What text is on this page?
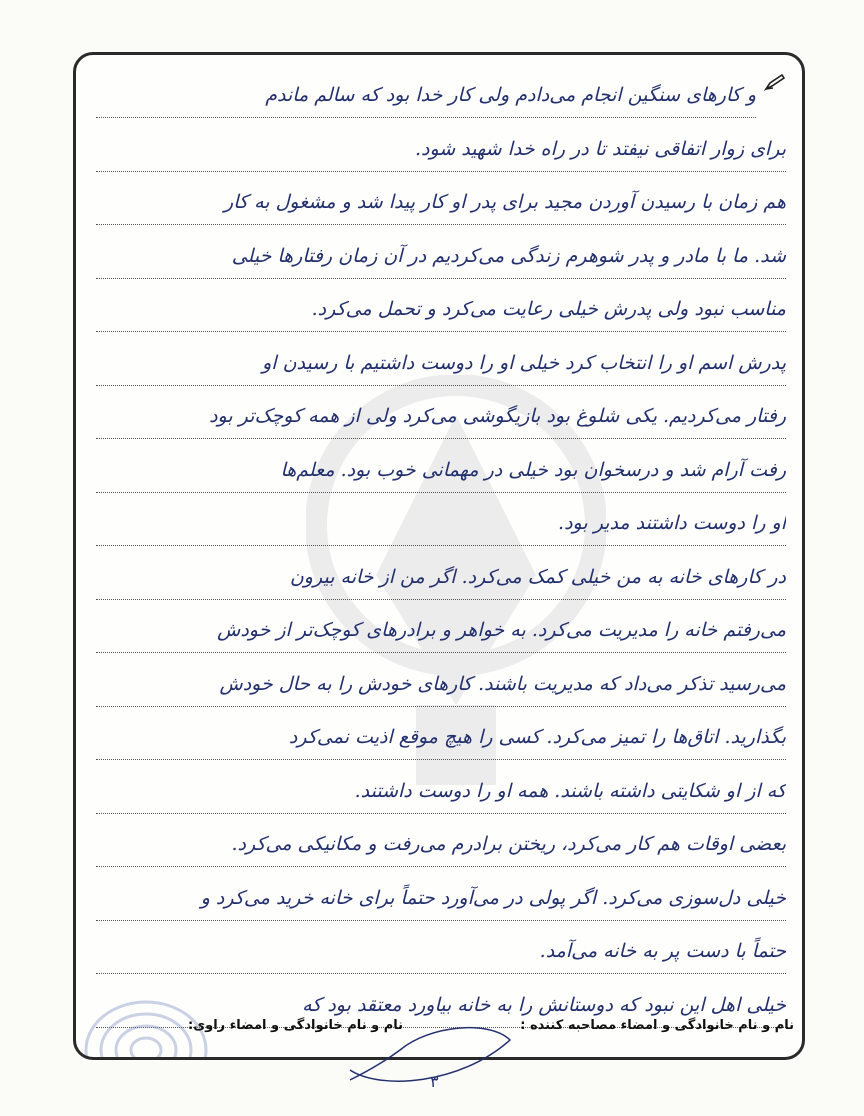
و کارهای سنگین انجام می‌دادم ولی کار خدا بود که سالم ماندم
برای زوار اتفاقی نیفتد تا در راه خدا شهید شود.
هم زمان با رسیدن آوردن مجید برای پدر او کار پیدا شد و مشغول به کار
شد. ما با مادر و پدر شوهرم زندگی می‌کردیم در آن زمان رفتارها خیلی
مناسب نبود ولی پدرش خیلی رعایت می‌کرد و تحمل می‌کرد.
پدرش اسم او را انتخاب کرد خیلی او را دوست داشتیم با رسیدن او
رفتار می‌کردیم. یکی شلوغ بود بازیگوشی می‌کرد ولی از همه کوچک‌تر بود
رفت آرام شد و درسخوان بود خیلی در مهمانی خوب بود. معلم‌ها
او را دوست داشتند مدیر بود.
در کارهای خانه به من خیلی کمک می‌کرد. اگر من از خانه بیرون
می‌رفتم خانه را مدیریت می‌کرد. به خواهر و برادرهای کوچک‌تر از خودش
می‌رسید تذکر می‌داد که مدیریت باشند. کارهای خودش را به حال خودش
بگذارید. اتاق‌ها را تمیز می‌کرد. کسی را هیچ موقع اذیت نمی‌کرد
که از او شکایتی داشته باشند. همه او را دوست داشتند.
بعضی اوقات هم کار می‌کرد، ریختن برادرم می‌رفت و مکانیکی می‌کرد.
خیلی دل‌سوزی می‌کرد. اگر پولی در می‌آورد حتماً برای خانه خرید می‌کرد و
حتماً با دست پر به خانه می‌آمد.
خیلی اهل این نبود که دوستانش را به خانه بیاورد معتقد بود که
نام و نام خانوادگی و امضاء مصاحبه کننده :
نام و نام خانوادگی و امضاء راوی:
۳
